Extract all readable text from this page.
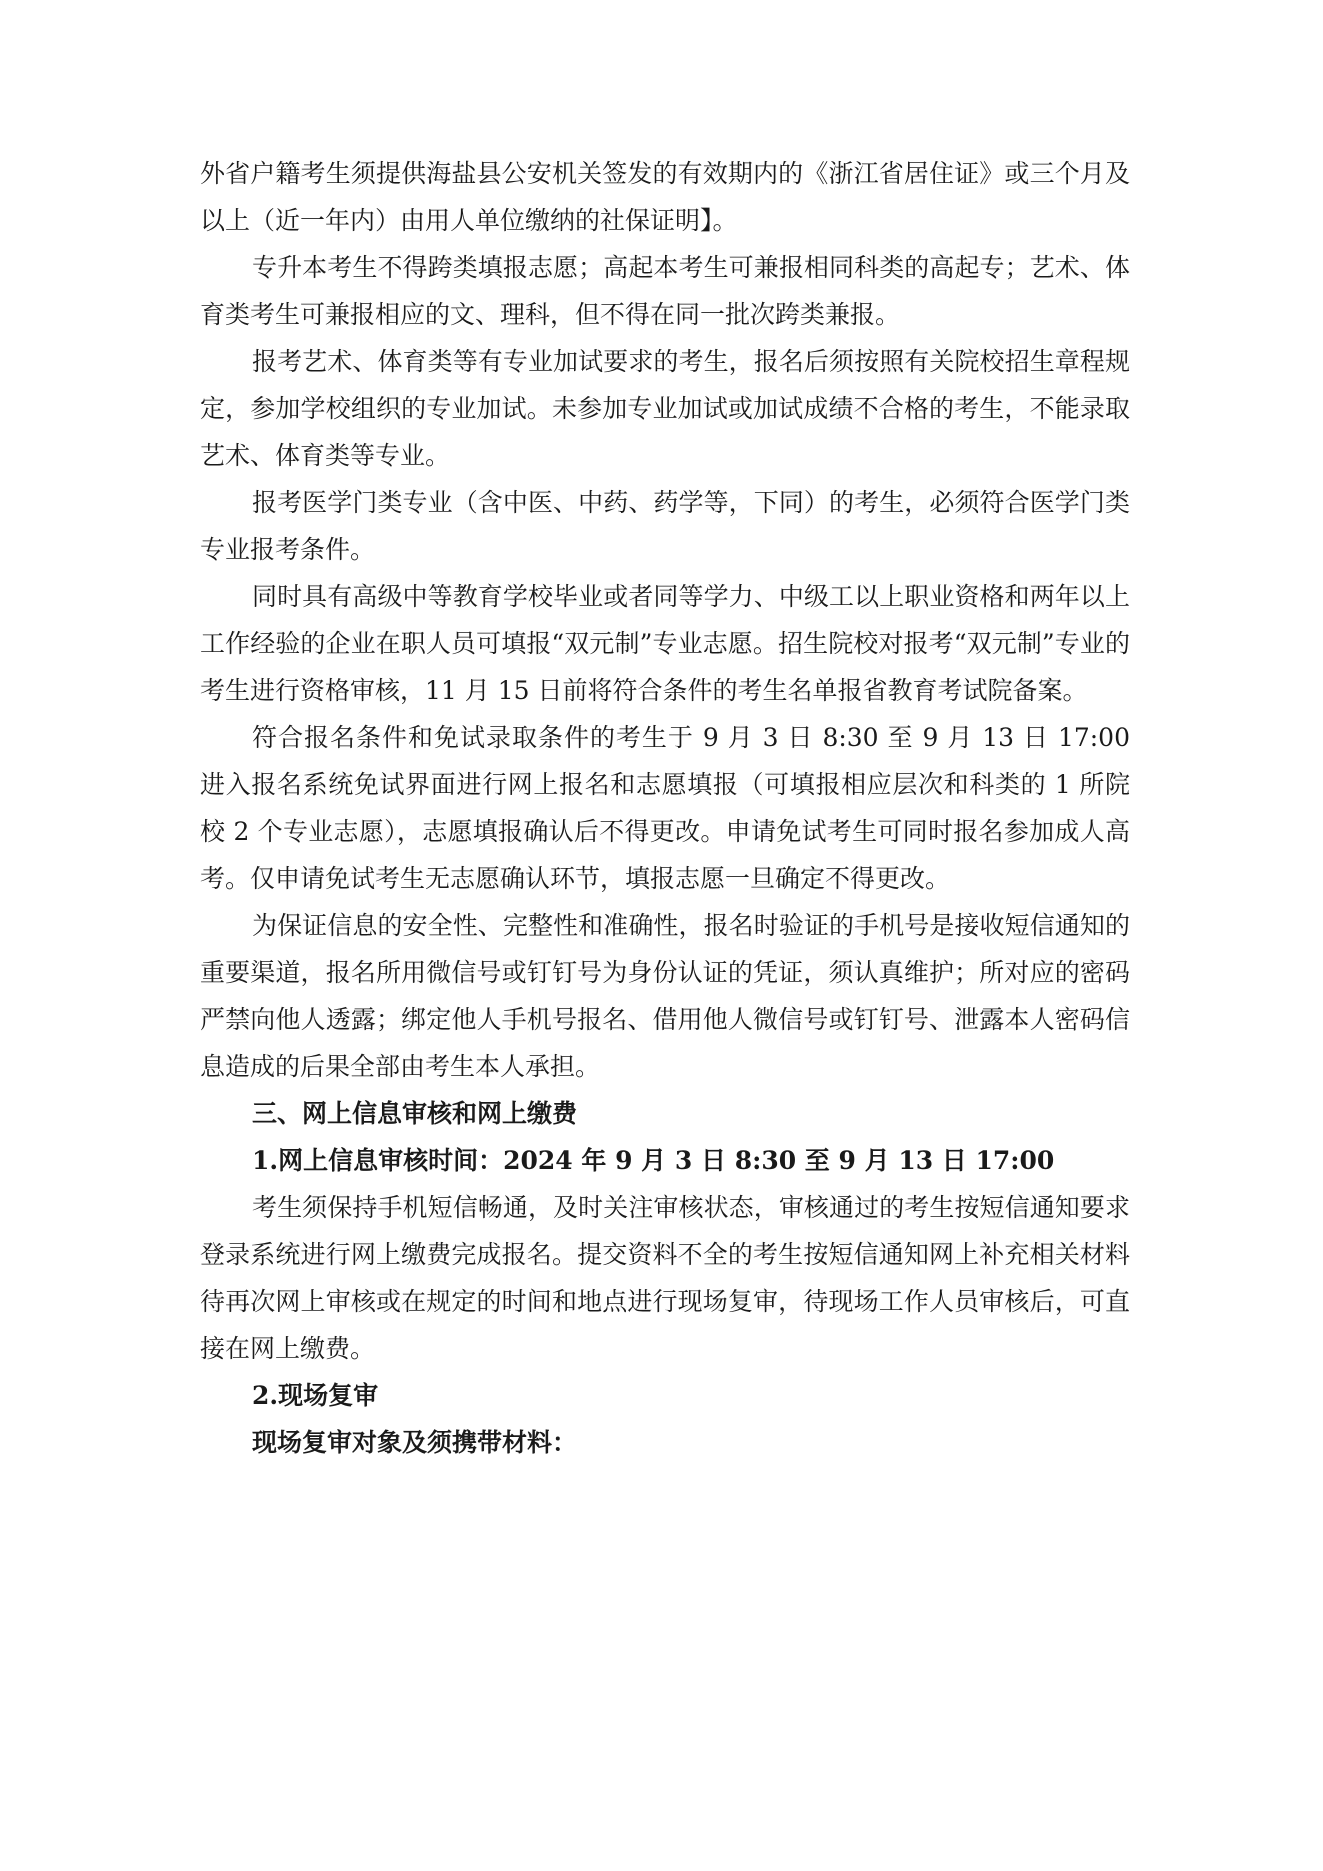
外省户籍考生须提供海盐县公安机关签发的有效期内的《浙江省居住证》或三个月及以上（近一年内）由用人单位缴纳的社保证明】。

专升本考生不得跨类填报志愿；高起本考生可兼报相同科类的高起专；艺术、体育类考生可兼报相应的文、理科，但不得在同一批次跨类兼报。

报考艺术、体育类等有专业加试要求的考生，报名后须按照有关院校招生章程规定，参加学校组织的专业加试。未参加专业加试或加试成绩不合格的考生，不能录取艺术、体育类等专业。

报考医学门类专业（含中医、中药、药学等，下同）的考生，必须符合医学门类专业报考条件。

同时具有高级中等教育学校毕业或者同等学力、中级工以上职业资格和两年以上工作经验的企业在职人员可填报“双元制”专业志愿。招生院校对报考“双元制”专业的考生进行资格审核，11 月 15 日前将符合条件的考生名单报省教育考试院备案。

符合报名条件和免试录取条件的考生于 9 月 3 日 8:30 至 9 月 13 日 17:00 进入报名系统免试界面进行网上报名和志愿填报（可填报相应层次和科类的 1 所院校 2 个专业志愿），志愿填报确认后不得更改。申请免试考生可同时报名参加成人高考。仅申请免试考生无志愿确认环节，填报志愿一旦确定不得更改。

为保证信息的安全性、完整性和准确性，报名时验证的手机号是接收短信通知的重要渠道，报名所用微信号或钉钉号为身份认证的凭证，须认真维护；所对应的密码严禁向他人透露；绑定他人手机号报名、借用他人微信号或钉钉号、泄露本人密码信息造成的后果全部由考生本人承担。

三、网上信息审核和网上缴费

1.网上信息审核时间：2024 年 9 月 3 日 8:30 至 9 月 13 日 17:00

考生须保持手机短信畅通，及时关注审核状态，审核通过的考生按短信通知要求登录系统进行网上缴费完成报名。提交资料不全的考生按短信通知网上补充相关材料待再次网上审核或在规定的时间和地点进行现场复审，待现场工作人员审核后，可直接在网上缴费。

2.现场复审

现场复审对象及须携带材料：
